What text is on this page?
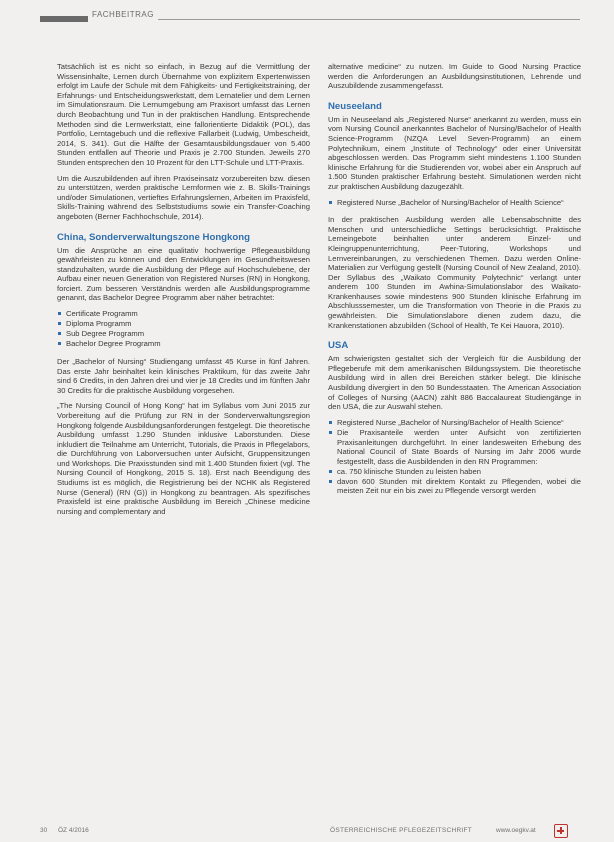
FACHBEITRAG

Tatsächlich ist es nicht so einfach, in Bezug auf die Vermittlung der Wissensinhalte, Lernen durch Übernahme von explizitem Expertenwissen erfolgt im Laufe der Schule mit dem Fähigkeits- und Fertigkeitstraining, der Erfahrungs- und Entscheidungswerkstatt, dem Lernatelier und dem Lernen im Simulationsraum. Die Lernumgebung am Praxisort umfasst das Lernen durch Beobachtung und Tun in der praktischen Handlung. Entsprechende Methoden sind die Lernwerkstatt, eine fallorientierte Didaktik (POL), das Portfolio, Lerntagebuch und die reflexive Fallarbeit (Ludwig, Umbescheidt, 2014, S. 341). Gut die Hälfte der Gesamtausbildungsdauer von 5.400 Stunden entfallen auf Theorie und Praxis je 2.700 Stunden. Jeweils 270 Stunden entsprechen den 10 Prozent für den LTT-Schule und LTT-Praxis.

Um die Auszubildenden auf ihren Praxiseinsatz vorzubereiten bzw. diesen zu unterstützen, werden praktische Lernformen wie z. B. Skills-Trainings und/oder Simulationen, vertieftes Erfahrungslernen, Arbeiten im Praxisfeld, Skills-Training während des Selbststudiums sowie ein Transfer-Coaching angeboten (Berner Fachhochschule, 2014).

China, Sonderverwaltungszone Hongkong

Um die Ansprüche an eine qualitativ hochwertige Pflegeausbildung gewährleisten zu können und den Entwicklungen im Gesundheitswesen standzuhalten, wurde die Ausbildung der Pflege auf Hochschulebene, der Aufbau einer neuen Generation von Registered Nurses (RN) in Hongkong, forciert. Zum besseren Verständnis werden alle Ausbildungsprogramme genannt, das Bachelor Degree Programm aber näher betrachtet:

Certificate Programm
Diploma Programm
Sub Degree Programm
Bachelor Degree Programm

Der „Bachelor of Nursing“ Studiengang umfasst 45 Kurse in fünf Jahren. Das erste Jahr beinhaltet kein klinisches Praktikum, für das zweite Jahr sind 6 Credits, in den Jahren drei und vier je 18 Credits und im fünften Jahr 30 Credits für die praktische Ausbildung vorgesehen.

„The Nursing Council of Hong Kong“ hat im Syllabus vom Juni 2015 zur Vorbereitung auf die Prüfung zur RN in der Sonderverwaltungsregion Hongkong folgende Ausbildungsanforderungen festgelegt. Die theoretische Ausbildung umfasst 1.290 Stunden inklusive Laborstunden. Diese inkludiert die Teilnahme am Unterricht, Tutorials, die Praxis in Pflegelabors, die Durchführung von Laborversuchen unter Aufsicht, Gruppensitzungen und Workshops. Die Praxisstunden sind mit 1.400 Stunden fixiert (vgl. The Nursing Council of Hongkong, 2015 S. 18). Erst nach Beendigung des Studiums ist es möglich, die Registrierung bei der NCHK als Registered Nurse (General) (RN (G)) in Hongkong zu beantragen. Als spezifisches Praxisfeld ist eine praktische Ausbildung im Bereich „Chinese medicine nursing and complementary and

alternative medicine“ zu nutzen. Im Guide to Good Nursing Practice werden die Anforderungen an Ausbildungsinstitutionen, Lehrende und Auszubildende zusammengefasst.

Neuseeland

Um in Neuseeland als „Registered Nurse“ anerkannt zu werden, muss ein vom Nursing Council anerkanntes Bachelor of Nursing/Bachelor of Health Science-Programm (NZQA Level Seven-Programm) an einem Polytechnikum, einem „Institute of Technology“ oder einer Universität abgeschlossen werden. Das Programm sieht mindestens 1.100 Stunden klinische Erfahrung für die Studierenden vor, wobei aber ein Anspruch auf 1.500 Stunden praktischer Erfahrung besteht. Simulationen werden nicht zur praktischen Ausbildung dazugezählt.

Registered Nurse „Bachelor of Nursing/Bachelor of Health Science“

In der praktischen Ausbildung werden alle Lebensabschnitte des Menschen und unterschiedliche Settings berücksichtigt. Praktische Lerneingebote beinhalten unter anderem Einzel- und Kleingruppenunterrichtung, Peer-Tutoring, Workshops und Lernvereinbarungen, zu verschiedenen Themen. Dazu werden Online-Materialien zur Verfügung gestellt (Nursing Council of New Zealand, 2010). Der Syllabus des „Waikato Community Polytechnic“ verlangt unter anderem 100 Stunden im Awhina-Simulationslabor des Waikato-Krankenhauses sowie mindestens 900 Stunden klinische Erfahrung im Abschlusssemester, um die Transformation von Theorie in die Praxis zu gewährleisten. Die Simulationslabore dienen zudem dazu, die Krankenstationen abzubilden (School of Health, Te Kei Hauora, 2010).

USA

Am schwierigsten gestaltet sich der Vergleich für die Ausbildung der Pflegeberufe mit dem amerikanischen Bildungssystem. Die theoretische Ausbildung wird in allen drei Bereichen stärker belegt. Die klinische Ausbildung divergiert in den 50 Bundesstaaten. The American Association of Colleges of Nursing (AACN) zählt 886 Baccalaureat Studiengänge in den USA, die zur Auswahl stehen.

Registered Nurse „Bachelor of Nursing/Bachelor of Health Science“
Die Praxisanteile werden unter Aufsicht von zertifizierten Praxisanleitungen durchgeführt. In einer landesweiten Erhebung des National Council of State Boards of Nursing im Jahr 2006 wurde festgestellt, dass die Ausbildenden in den RN Programmen:
ca. 750 klinische Stunden zu leisten haben
davon 600 Stunden mit direktem Kontakt zu Pflegenden, wobei die meisten Zeit nur ein bis zwei zu Pflegende versorgt werden
30 ÖZ 4/2016	ÖSTERREICHISCHE PFLEGEZEITSCHRIFT	www.oegkv.at
